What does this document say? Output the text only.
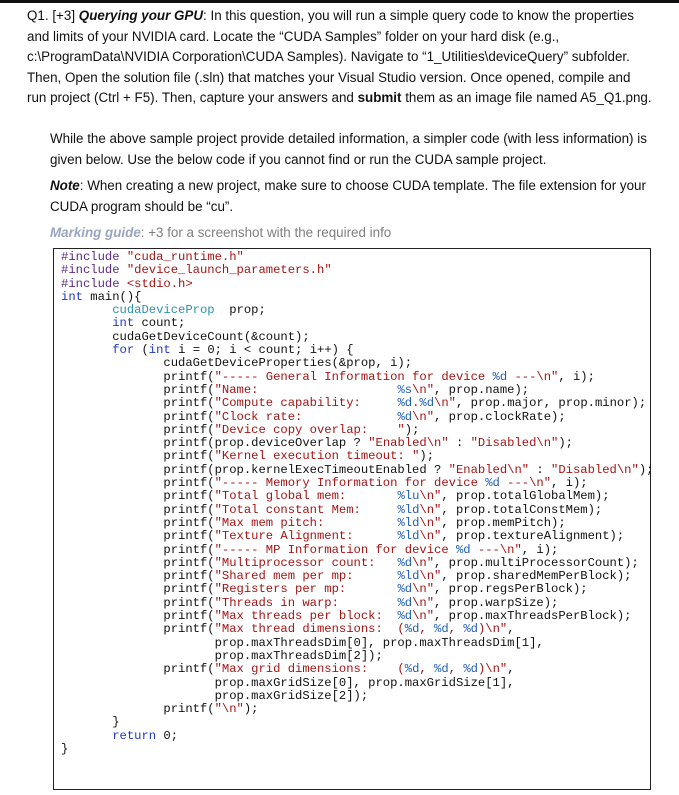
Q1. [+3] Querying your GPU: In this question, you will run a simple query code to know the properties and limits of your NVIDIA card. Locate the “CUDA Samples” folder on your hard disk (e.g., c:\ProgramData\NVIDIA Corporation\CUDA Samples). Navigate to “1_Utilities\deviceQuery” subfolder. Then, Open the solution file (.sln) that matches your Visual Studio version. Once opened, compile and run project (Ctrl + F5). Then, capture your answers and submit them as an image file named A5_Q1.png.

While the above sample project provide detailed information, a simpler code (with less information) is given below. Use the below code if you cannot find or run the CUDA sample project.

Note: When creating a new project, make sure to choose CUDA template. The file extension for your CUDA program should be “cu”.

Marking guide: +3 for a screenshot with the required info

#include "cuda_runtime.h"
#include "device_launch_parameters.h"
#include <stdio.h>
int main(){
cudaDeviceProp  prop;
int count;
cudaGetDeviceCount(&count);
for (int i = 0; i < count; i++) {
cudaGetDeviceProperties(&prop, i);
printf("----- General Information for device %d ---\n", i);
printf("Name:                   %s\n", prop.name);
printf("Compute capability:     %d.%d\n", prop.major, prop.minor);
printf("Clock rate:             %d\n", prop.clockRate);
printf("Device copy overlap:    ");
printf(prop.deviceOverlap ? "Enabled\n" : "Disabled\n");
printf("Kernel execution timeout: ");
printf(prop.kernelExecTimeoutEnabled ? "Enabled\n" : "Disabled\n");
printf("----- Memory Information for device %d ---\n", i);
printf("Total global mem:       %lu\n", prop.totalGlobalMem);
printf("Total constant Mem:     %ld\n", prop.totalConstMem);
printf("Max mem pitch:          %ld\n", prop.memPitch);
printf("Texture Alignment:      %ld\n", prop.textureAlignment);
printf("----- MP Information for device %d ---\n", i);
printf("Multiprocessor count:   %d\n", prop.multiProcessorCount);
printf("Shared mem per mp:      %ld\n", prop.sharedMemPerBlock);
printf("Registers per mp:       %d\n", prop.regsPerBlock);
printf("Threads in warp:        %d\n", prop.warpSize);
printf("Max threads per block:  %d\n", prop.maxThreadsPerBlock);
printf("Max thread dimensions:  (%d, %d, %d)\n",
prop.maxThreadsDim[0], prop.maxThreadsDim[1],
prop.maxThreadsDim[2]);
printf("Max grid dimensions:    (%d, %d, %d)\n",
prop.maxGridSize[0], prop.maxGridSize[1],
prop.maxGridSize[2]);
printf("\n");
}
return 0;
}
